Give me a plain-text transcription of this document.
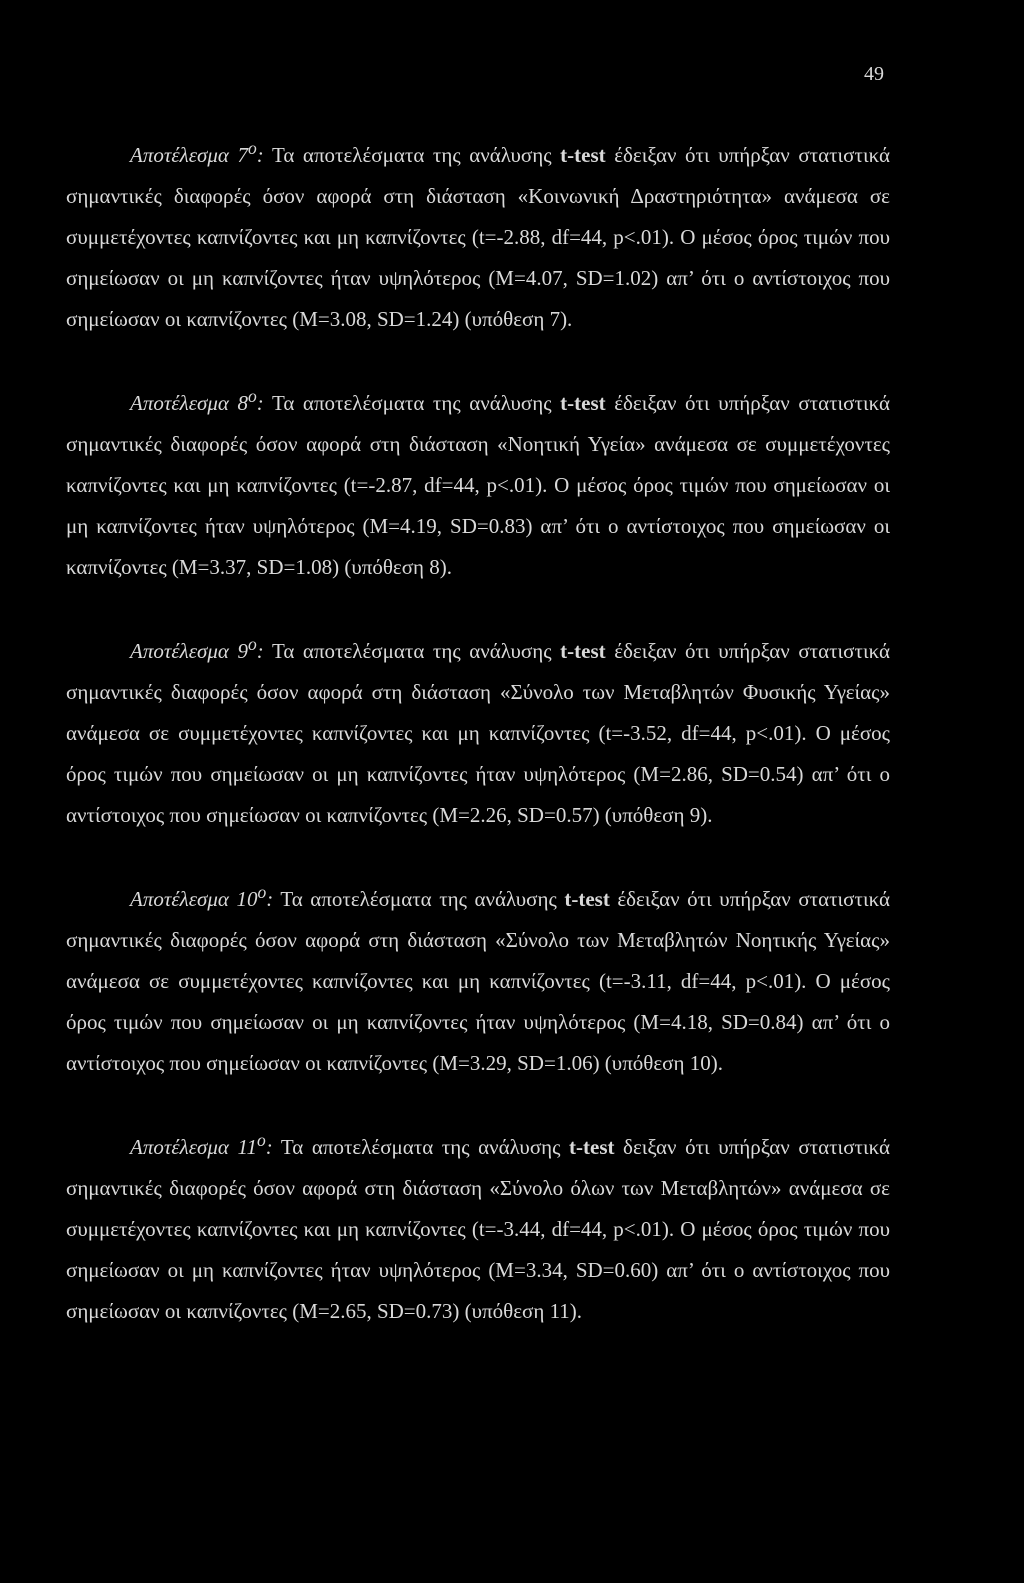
49

Αποτέλεσμα $7^o$: Τα αποτελέσματα της ανάλυσης t-test έδειξαν ότι υπήρξαν στατιστικά σημαντικές διαφορές όσον αφορά στη διάσταση «Κοινωνική Δραστηριότητα» ανάμεσα σε συμμετέχοντες καπνίζοντες και μη καπνίζοντες (t=-2.88, df=44, p<.01). Ο μέσος όρος τιμών που σημείωσαν οι μη καπνίζοντες ήταν υψηλότερος (M=4.07, SD=1.02) απ’ ότι ο αντίστοιχος που σημείωσαν οι καπνίζοντες (M=3.08, SD=1.24) (υπόθεση 7).

Αποτέλεσμα $8^o$: Τα αποτελέσματα της ανάλυσης t-test έδειξαν ότι υπήρξαν στατιστικά σημαντικές διαφορές όσον αφορά στη διάσταση «Νοητική Υγεία» ανάμεσα σε συμμετέχοντες καπνίζοντες και μη καπνίζοντες (t=-2.87, df=44, p<.01). Ο μέσος όρος τιμών που σημείωσαν οι μη καπνίζοντες ήταν υψηλότερος (M=4.19, SD=0.83) απ’ ότι ο αντίστοιχος που σημείωσαν οι καπνίζοντες (M=3.37, SD=1.08) (υπόθεση 8).

Αποτέλεσμα $9^o$: Τα αποτελέσματα της ανάλυσης t-test έδειξαν ότι υπήρξαν στατιστικά σημαντικές διαφορές όσον αφορά στη διάσταση «Σύνολο των Μεταβλητών Φυσικής Υγείας» ανάμεσα σε συμμετέχοντες καπνίζοντες και μη καπνίζοντες (t=-3.52, df=44, p<.01). Ο μέσος όρος τιμών που σημείωσαν οι μη καπνίζοντες ήταν υψηλότερος (M=2.86, SD=0.54) απ’ ότι ο αντίστοιχος που σημείωσαν οι καπνίζοντες (M=2.26, SD=0.57) (υπόθεση 9).

Αποτέλεσμα $10^o$: Τα αποτελέσματα της ανάλυσης t-test έδειξαν ότι υπήρξαν στατιστικά σημαντικές διαφορές όσον αφορά στη διάσταση «Σύνολο των Μεταβλητών Νοητικής Υγείας» ανάμεσα σε συμμετέχοντες καπνίζοντες και μη καπνίζοντες (t=-3.11, df=44, p<.01). Ο μέσος όρος τιμών που σημείωσαν οι μη καπνίζοντες ήταν υψηλότερος (M=4.18, SD=0.84) απ’ ότι ο αντίστοιχος που σημείωσαν οι καπνίζοντες (M=3.29, SD=1.06) (υπόθεση 10).

Αποτέλεσμα $11^o$: Τα αποτελέσματα της ανάλυσης t-test δειξαν ότι υπήρξαν στατιστικά σημαντικές διαφορές όσον αφορά στη διάσταση «Σύνολο όλων των Μεταβλητών» ανάμεσα σε συμμετέχοντες καπνίζοντες και μη καπνίζοντες (t=-3.44, df=44, p<.01). Ο μέσος όρος τιμών που σημείωσαν οι μη καπνίζοντες ήταν υψηλότερος (M=3.34, SD=0.60) απ’ ότι ο αντίστοιχος που σημείωσαν οι καπνίζοντες (M=2.65, SD=0.73) (υπόθεση 11).
